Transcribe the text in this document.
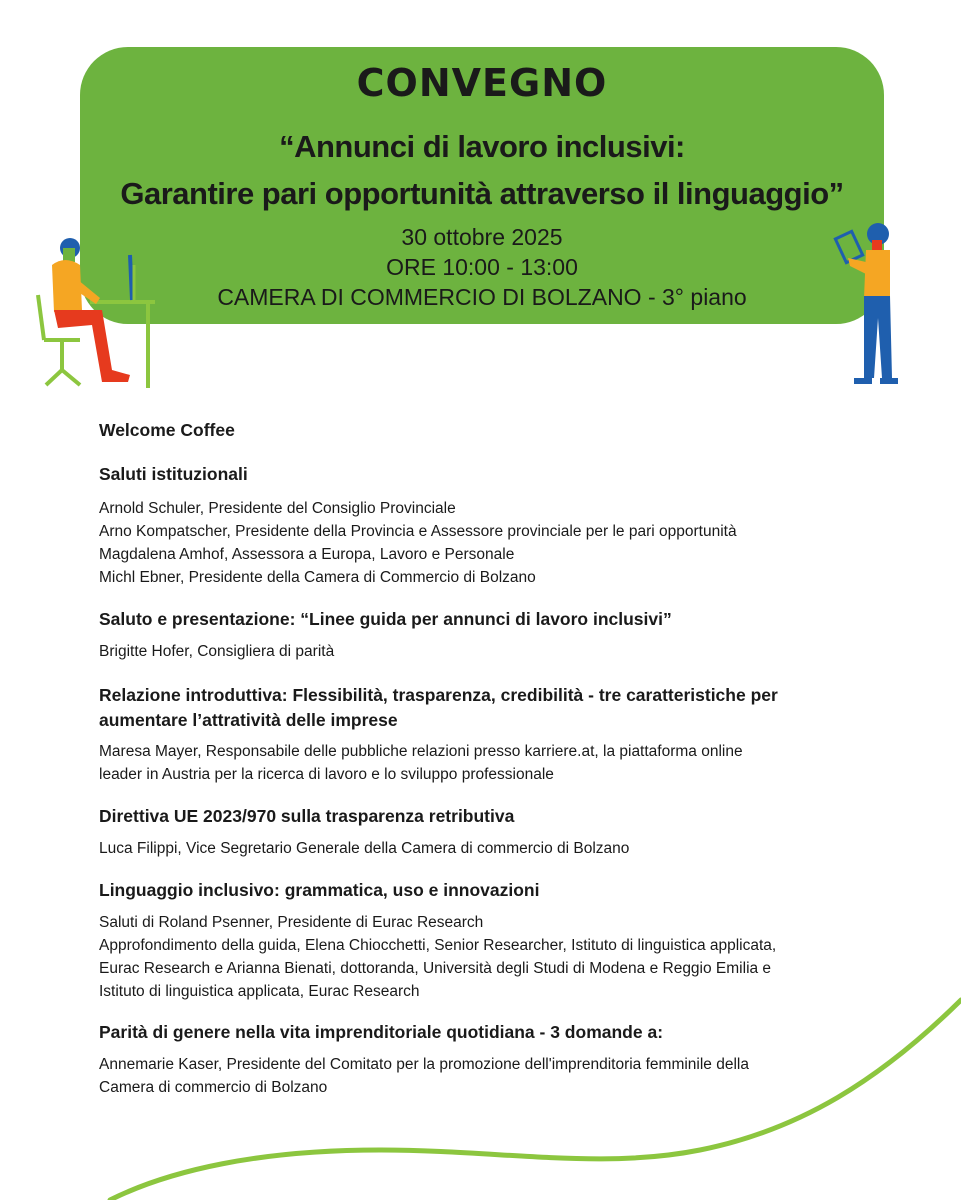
CONVEGNO
“Annunci di lavoro inclusivi:
Garantire pari opportunità attraverso il linguaggio”
30 ottobre 2025
ORE 10:00 - 13:00
CAMERA DI COMMERCIO DI BOLZANO - 3° piano

Welcome Coffee

Saluti istituzionali

Arnold Schuler, Presidente del Consiglio Provinciale
Arno Kompatscher, Presidente della Provincia e Assessore provinciale per le pari opportunità
Magdalena Amhof, Assessora a Europa, Lavoro e Personale
Michl Ebner, Presidente della Camera di Commercio di Bolzano

Saluto e presentazione: “Linee guida per annunci di lavoro inclusivi”

Brigitte Hofer, Consigliera di parità

Relazione introduttiva: Flessibilità, trasparenza, credibilità - tre caratteristiche per
aumentare l’attratività delle imprese

Maresa Mayer, Responsabile delle pubbliche relazioni presso karriere.at, la piattaforma online
leader in Austria per la ricerca di lavoro e lo sviluppo professionale

Direttiva UE 2023/970 sulla trasparenza retributiva

Luca Filippi, Vice Segretario Generale della Camera di commercio di Bolzano

Linguaggio inclusivo: grammatica, uso e innovazioni

Saluti di Roland Psenner, Presidente di Eurac Research
Approfondimento della guida, Elena Chiocchetti, Senior Researcher, Istituto di linguistica applicata,
Eurac Research e Arianna Bienati, dottoranda, Università degli Studi di Modena e Reggio Emilia e
Istituto di linguistica applicata, Eurac Research

Parità di genere nella vita imprenditoriale quotidiana - 3 domande a:

Annemarie Kaser, Presidente del Comitato per la promozione dell'imprenditoria femminile della
Camera di commercio di Bolzano
